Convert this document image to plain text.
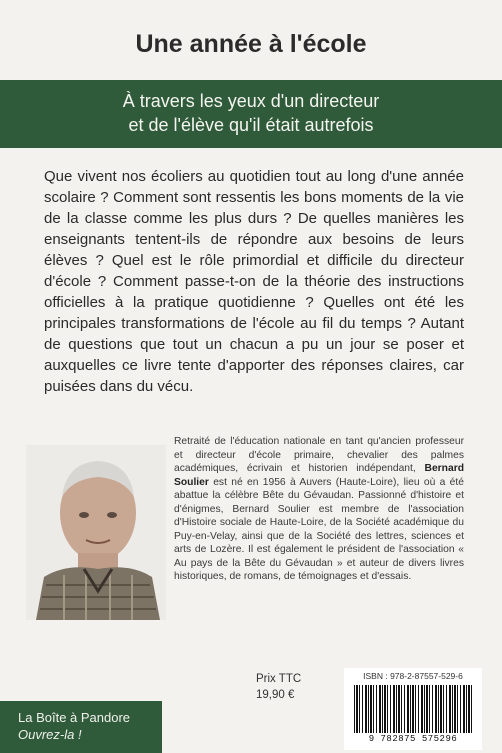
Une année à l'école
À travers les yeux d'un directeur
et de l'élève qu'il était autrefois

Que vivent nos écoliers au quotidien tout au long d'une année scolaire ? Comment sont ressentis les bons moments de la vie de la classe comme les plus durs ? De quelles manières les enseignants tentent-ils de répondre aux besoins de leurs élèves ? Quel est le rôle primordial et difficile du directeur d'école ? Comment passe-t-on de la théorie des instructions officielles à la pratique quotidienne ? Quelles ont été les principales transformations de l'école au fil du temps ? Autant de questions que tout un chacun a pu un jour se poser et auxquelles ce livre tente d'apporter des réponses claires, car puisées dans du vécu.

Retraité de l'éducation nationale en tant qu'ancien professeur et directeur d'école primaire, chevalier des palmes académiques, écrivain et historien indépendant, Bernard Soulier est né en 1956 à Auvers (Haute-Loire), lieu où a été abattue la célèbre Bête du Gévaudan. Passionné d'histoire et d'énigmes, Bernard Soulier est membre de l'association d'Histoire sociale de Haute-Loire, de la Société académique du Puy-en-Velay, ainsi que de la Société des lettres, sciences et arts de Lozère. Il est également le président de l'association « Au pays de la Bête du Gévaudan » et auteur de divers livres historiques, de romans, de témoignages et d'essais.
La Boîte à Pandore
Ouvrez-la !
Prix TTC
19,90 €
ISBN : 978-2-87557-529-6
9 782875 575296
